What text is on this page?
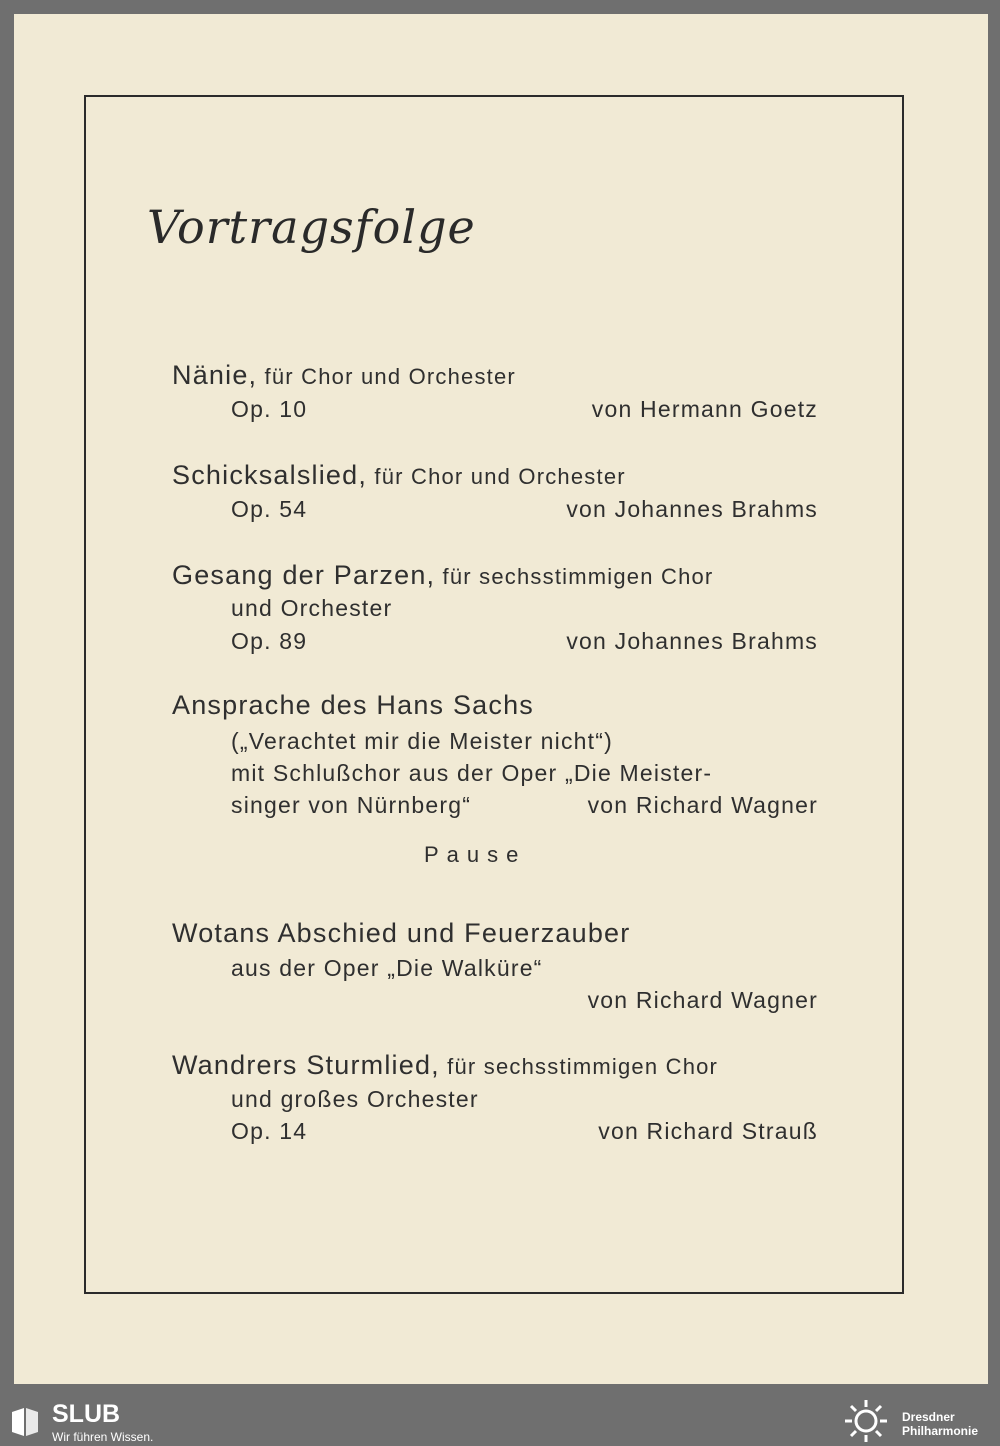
Vortragsfolge
Nänie, für Chor und Orchester
Op. 10	von Hermann Goetz
Schicksalslied, für Chor und Orchester
Op. 54	von Johannes Brahms
Gesang der Parzen, für sechsstimmigen Chor
und Orchester
Op. 89	von Johannes Brahms
Ansprache des Hans Sachs
(„Verachtet mir die Meister nicht“)
mit Schlußchor aus der Oper „Die Meister-
singer von Nürnberg“	von Richard Wagner
Pause
Wotans Abschied und Feuerzauber
aus der Oper „Die Walküre“
von Richard Wagner
Wandrers Sturmlied, für sechsstimmigen Chor
und großes Orchester
Op. 14	von Richard Strauß
SLUB
Wir führen Wissen.
Dresdner
Philharmonie
